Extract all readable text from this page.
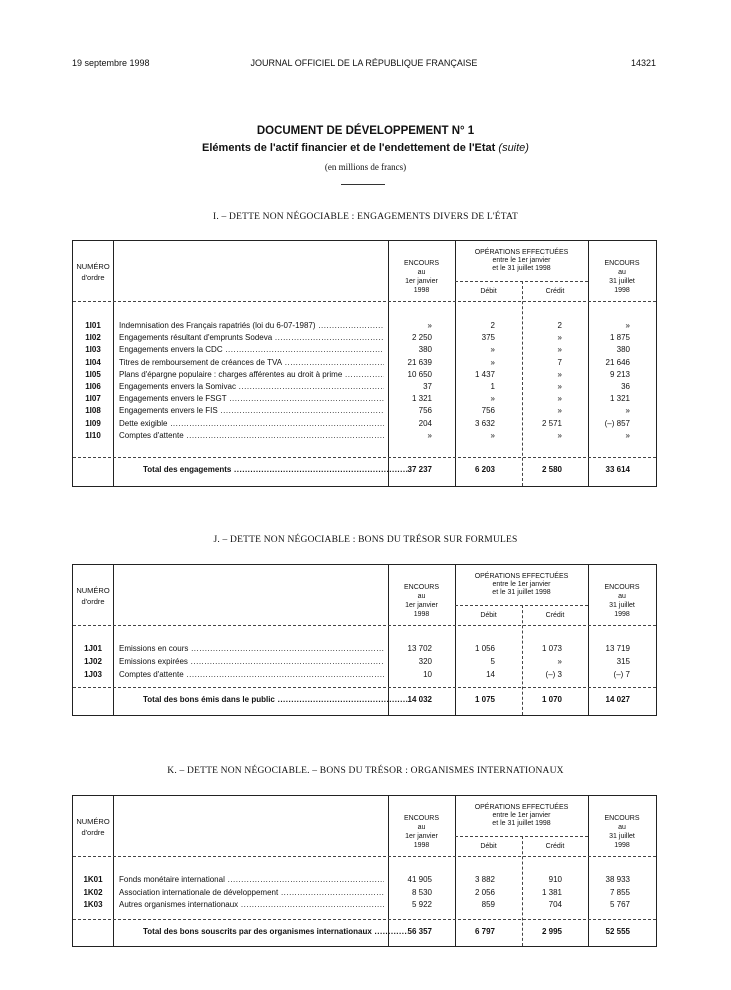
19 septembre 1998	JOURNAL OFFICIEL DE LA RÉPUBLIQUE FRANÇAISE	14321
DOCUMENT DE DÉVELOPPEMENT N° 1
Eléments de l'actif financier et de l'endettement de l'Etat (suite)
(en millions de francs)
I. – DETTE NON NÉGOCIABLE : ENGAGEMENTS DIVERS DE L'ÉTAT
NUMÉRO
d'ordre
ENCOURS
au
1er janvier
1998
OPÉRATIONS EFFECTUÉES
entre le 1er janvier
et le 31 juillet 1998
Débit	Crédit
ENCOURS
au
31 juillet
1998
1I01	Indemnisation des Français rapatriés (loi du 6-07-1987) .....	»	2	2	»
1I02	Engagements résultant d'emprunts Sodeva .....	2 250	375	»	1 875
1I03	Engagements envers la CDC .....	380	»	»	380
1I04	Titres de remboursement de créances de TVA .....	21 639	»	7	21 646
1I05	Plans d'épargne populaire : charges afférentes au droit à prime .....	10 650	1 437	»	9 213
1I06	Engagements envers la Somivac .....	37	1	»	36
1I07	Engagements envers le FSGT .....	1 321	»	»	1 321
1I08	Engagements envers le FIS .....	756	756	»	»
1I09	Dette exigible .....	204	3 632	2 571	(–) 857
1I10	Comptes d'attente .....	»	»	»	»
Total des engagements .....	37 237	6 203	2 580	33 614
J. – DETTE NON NÉGOCIABLE : BONS DU TRÉSOR SUR FORMULES
NUMÉRO
d'ordre
ENCOURS
au
1er janvier
1998
OPÉRATIONS EFFECTUÉES
entre le 1er janvier
et le 31 juillet 1998
Débit	Crédit
ENCOURS
au
31 juillet
1998
1J01	Emissions en cours .....	13 702	1 056	1 073	13 719
1J02	Emissions expirées .....	320	5	»	315
1J03	Comptes d'attente .....	10	14	(–) 3	(–) 7
Total des bons émis dans le public .....	14 032	1 075	1 070	14 027
K. – DETTE NON NÉGOCIABLE. – BONS DU TRÉSOR : ORGANISMES INTERNATIONAUX
NUMÉRO
d'ordre
ENCOURS
au
1er janvier
1998
OPÉRATIONS EFFECTUÉES
entre le 1er janvier
et le 31 juillet 1998
Débit	Crédit
ENCOURS
au
31 juillet
1998
1K01	Fonds monétaire international .....	41 905	3 882	910	38 933
1K02	Association internationale de développement .....	8 530	2 056	1 381	7 855
1K03	Autres organismes internationaux .....	5 922	859	704	5 767
Total des bons souscrits par des organismes internationaux .....	56 357	6 797	2 995	52 555
